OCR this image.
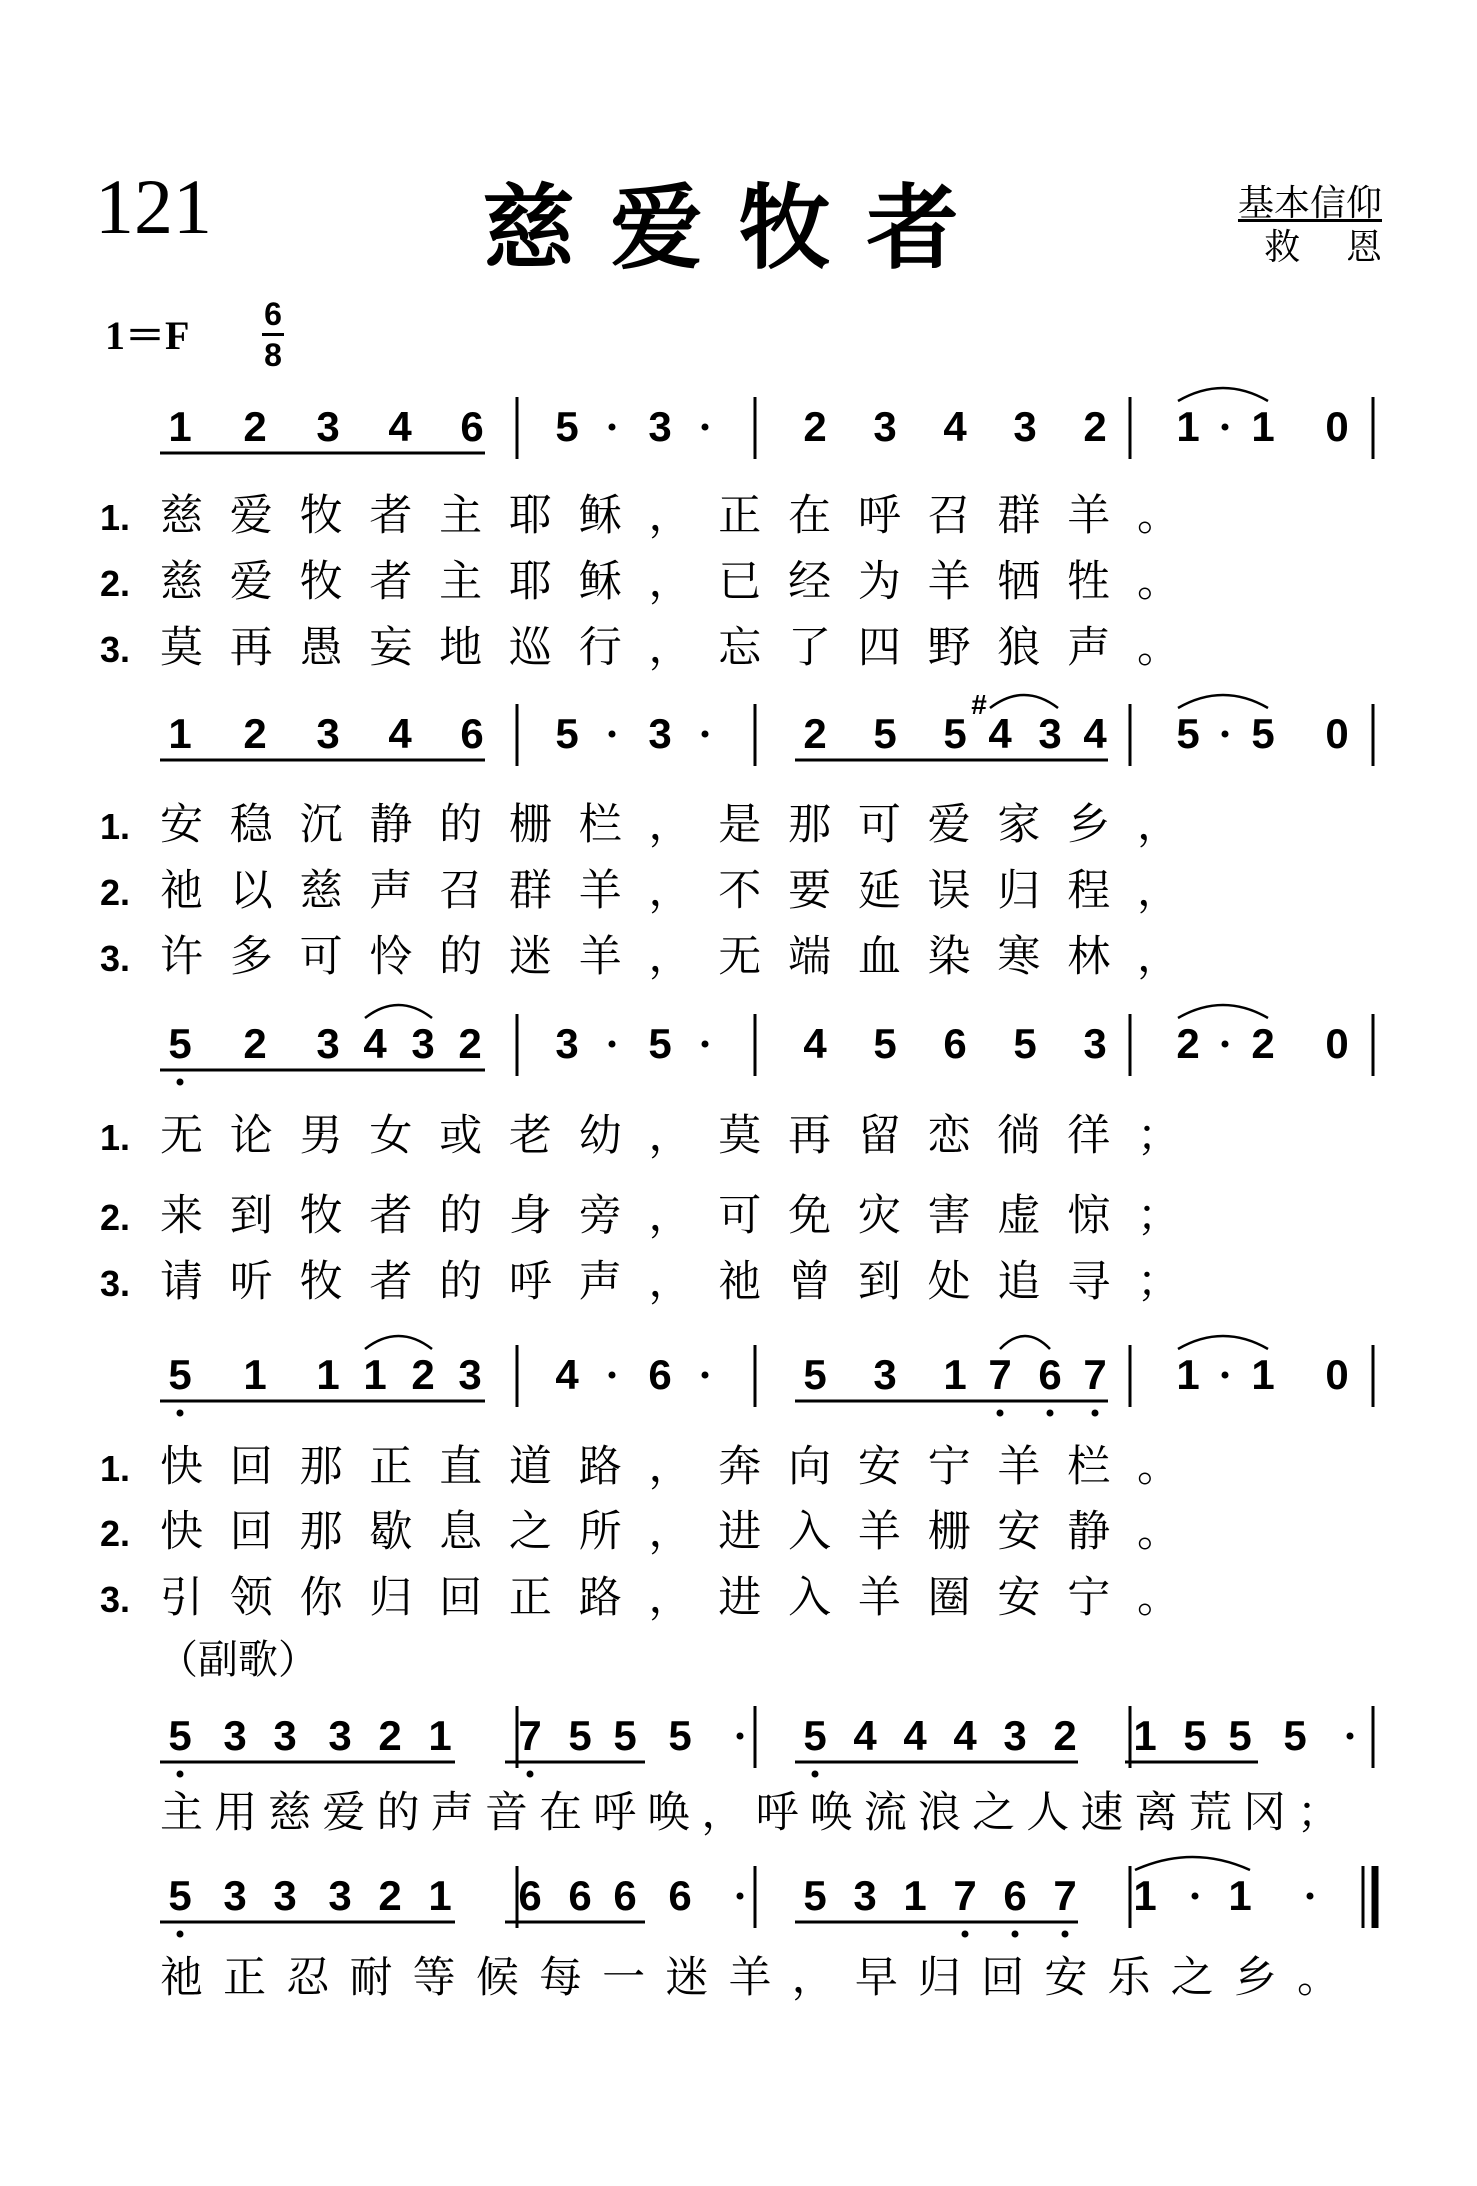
121	慈爱牧者	基本信仰
救    恩
1＝F 6
8
（副歌）
1 2 3 4 6 5 3	2 3 4 3 2 1 1 0
1. 慈爱牧者主耶稣，正在呼召群羊。
2. 慈爱牧者主耶稣，已经为羊牺牲。
3. 莫再愚妄地巡行，忘了四野狼声。
1 2 3 4 6 5 3	2 5 5
#
4 3 4 5 5 0
1. 安稳沉静的栅栏，是那可爱家乡，
2. 祂以慈声召群羊，不要延误归程，
3. 许多可怜的迷羊，无端血染寒林，
5 2 3 4 3 2 3 5	4 5 6 5 3 2 2 0
1. 无论男女或老幼，莫再留恋徜徉；
2. 来到牧者的身旁，可免灾害虚惊；
3. 请听牧者的呼声，祂曾到处追寻；
5 1 1 1 2 3 4 6	5 3 1 7 6 7 1 1 0
1. 快回那正直道路，奔向安宁羊栏。
2. 快回那歇息之所，进入羊栅安静。
3. 引领你归回正路，进入羊圈安宁。
5 3 3 3 2 1 7 5 5 5	5 4 4 4 3 2 1 5 5 5
主用慈爱的声音在呼唤，呼唤流浪之人速离荒冈；
5 3 3 3 2 1 6 6 6 6	5 3 1 7 6 7 1 1
祂正忍耐等候每一迷羊，早归回安乐之乡。
